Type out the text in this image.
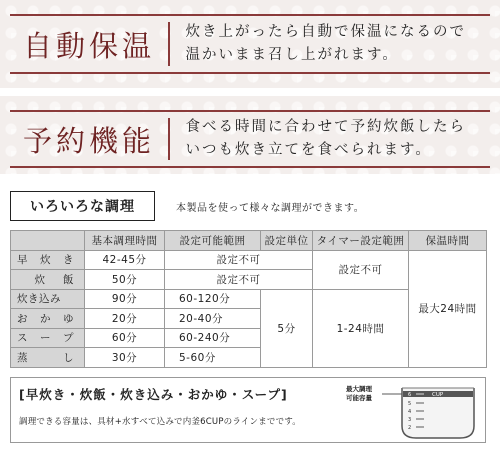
自動保温	炊き上がったら自動で保温になるので
温かいまま召し上がれます。
予約機能	食べる時間に合わせて予約炊飯したら
いつも炊き立てを食べられます。
いろいろな調理	本製品を使って様々な調理ができます。
	基本調理時間	設定可能範囲	設定単位	タイマー設定範囲	保温時間

早 炊 き	42-45分	設定不可		設定不可	最大24時間

炊 飯	50分	設定不可			
炊き込み	90分	60-120分	5分	1-24時間	

お か ゆ	20分	20-40分			

ス ー プ	60分	60-240分			

蒸 し	30分	5-60分			
[早炊き・炊飯・炊き込み・おかゆ・スープ]
調理できる容量は、具材+水すべて込みで内釜6CUPのラインまでです。
最大調理
可能容量	CUP
6
5
4
3
2
